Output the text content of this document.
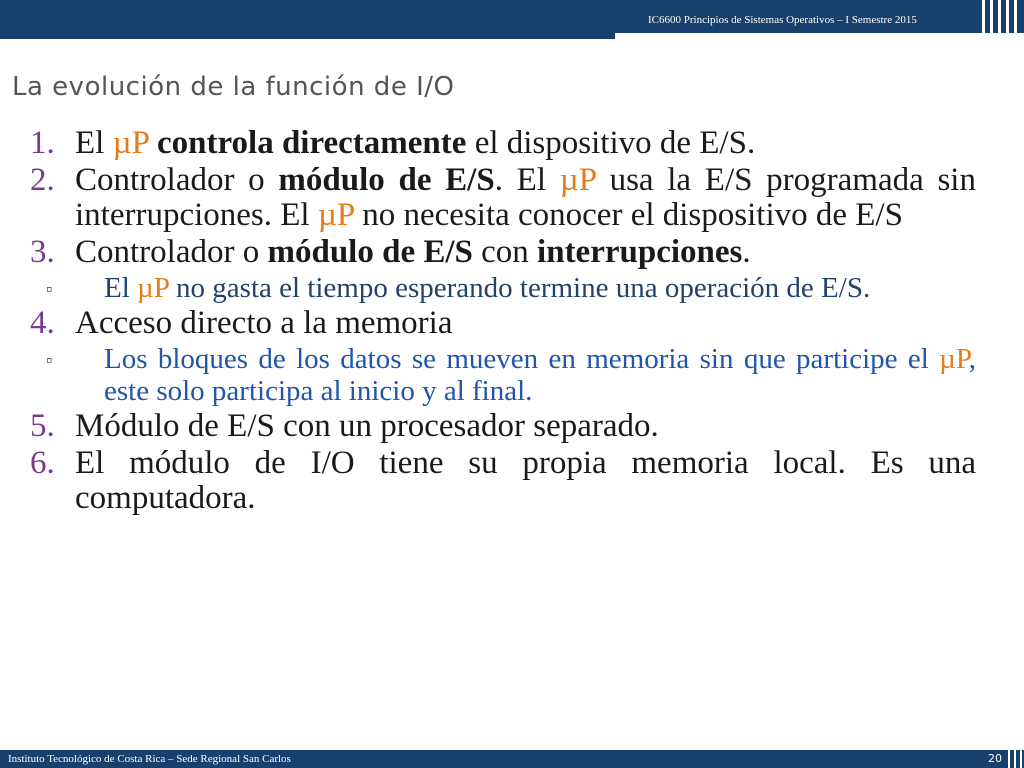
IC6600 Principios de Sistemas Operativos – I Semestre 2015
La evolución de la función de I/O
1. El µP controla directamente el dispositivo de E/S.
2. Controlador o módulo de E/S. El µP usa la E/S programada sin interrupciones. El µP no necesita conocer el dispositivo de E/S
3. Controlador o módulo de E/S con interrupciones.
▫	El µP no gasta el tiempo esperando termine una operación de E/S.
4. Acceso directo a la memoria
▫	Los bloques de los datos se mueven en memoria sin que participe el µP, este solo participa al inicio y al final.
5. Módulo de E/S con un procesador separado.
6. El módulo de I/O tiene su propia memoria local. Es una computadora.
Instituto Tecnológico de Costa Rica – Sede Regional San Carlos	20
